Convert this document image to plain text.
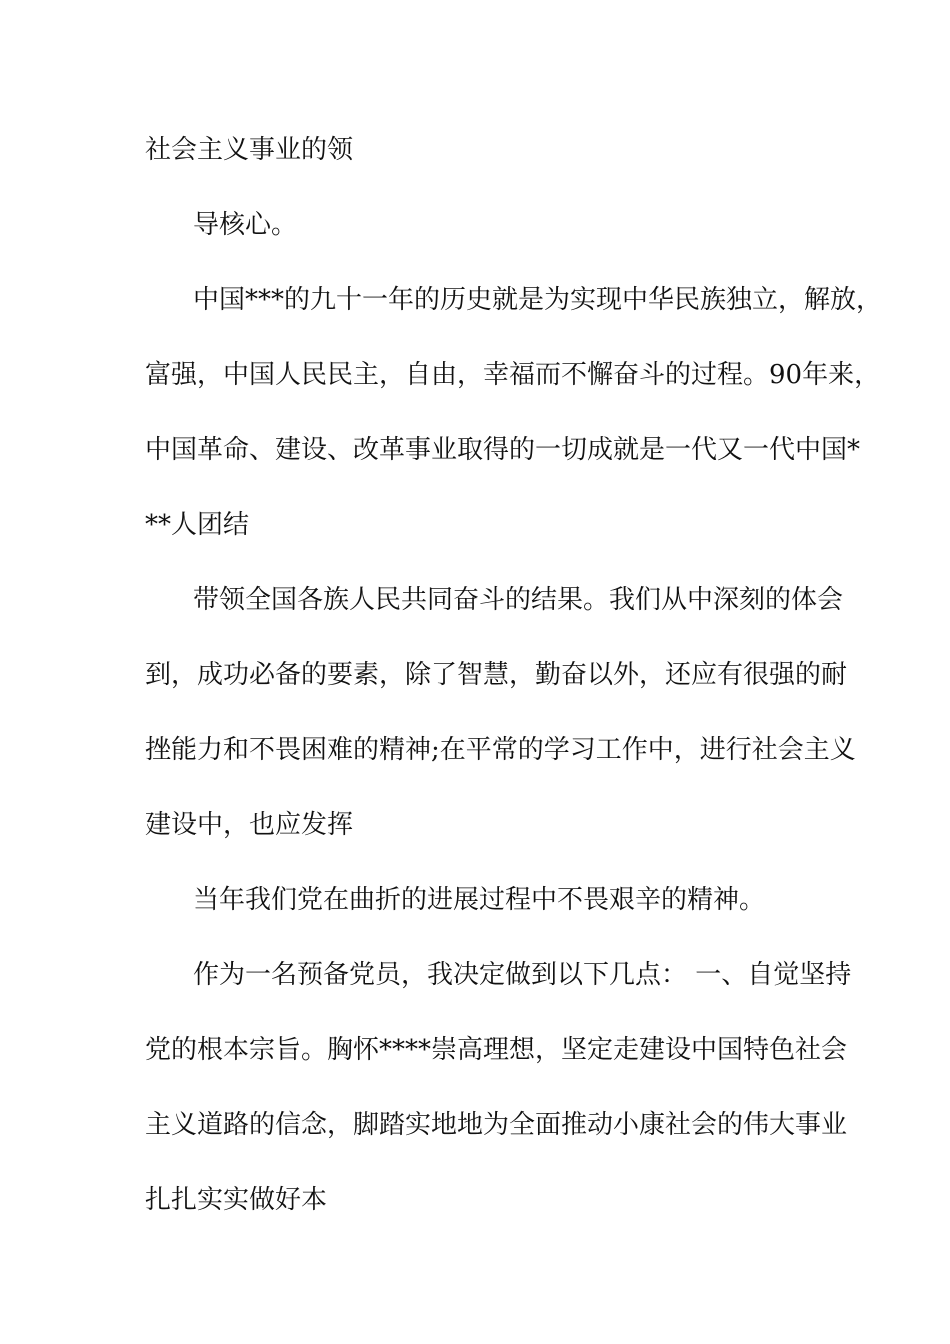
社会主义事业的领
导核心。
中国***的九十一年的历史就是为实现中华民族独立，解放，
富强，中国人民民主，自由，幸福而不懈奋斗的过程。90年来，
中国革命、建设、改革事业取得的一切成就是一代又一代中国*
**人团结
带领全国各族人民共同奋斗的结果。我们从中深刻的体会
到，成功必备的要素，除了智慧，勤奋以外，还应有很强的耐
挫能力和不畏困难的精神;在平常的学习工作中，进行社会主义
建设中，也应发挥
当年我们党在曲折的进展过程中不畏艰辛的精神。
作为一名预备党员，我决定做到以下几点： 一、自觉坚持
党的根本宗旨。胸怀****崇高理想，坚定走建设中国特色社会
主义道路的信念，脚踏实地地为全面推动小康社会的伟大事业
扎扎实实做好本
